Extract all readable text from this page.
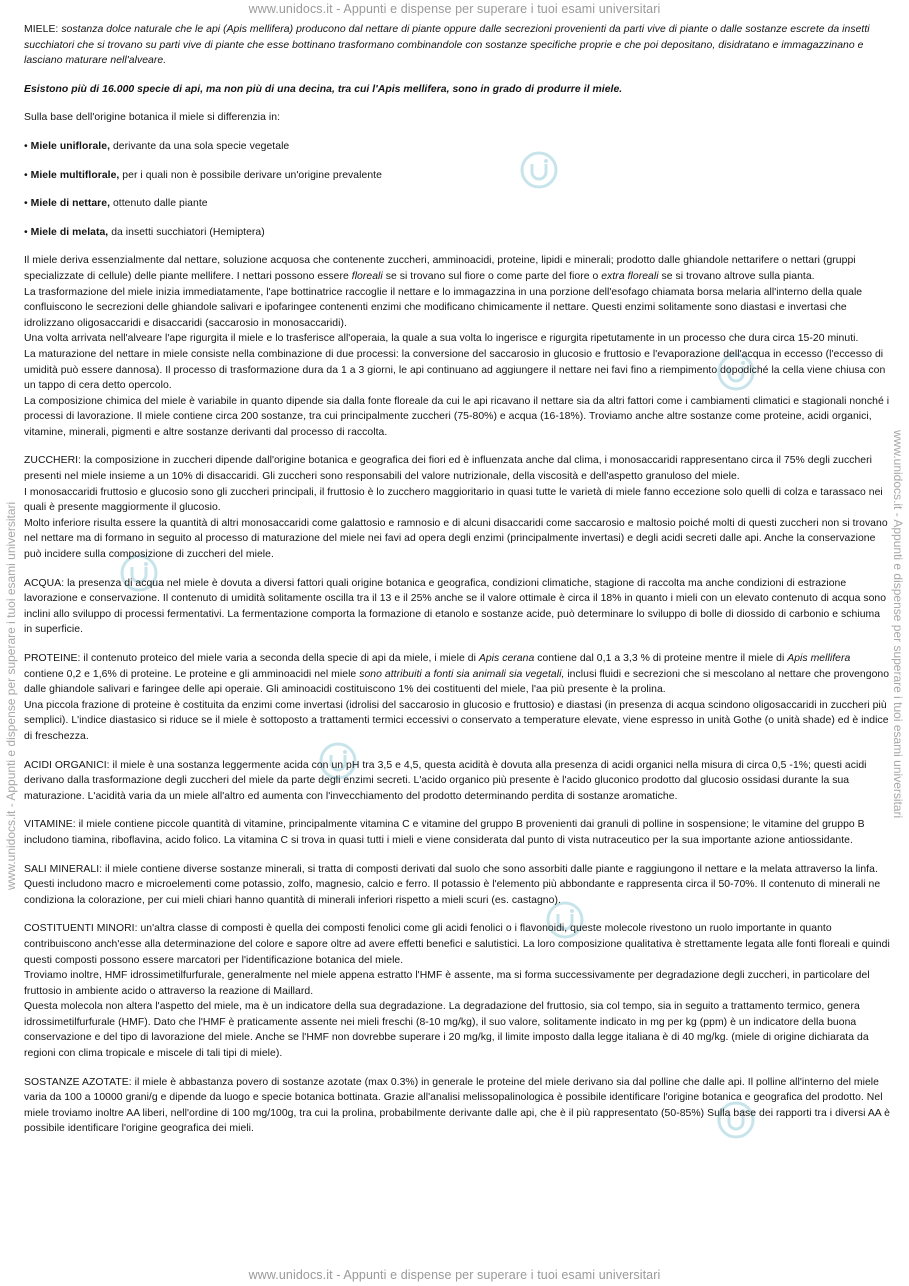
www.unidocs.it - Appunti e dispense per superare i tuoi esami universitari
www.unidocs.it - Appunti e dispense per superare i tuoi esami universitari
www.unidocs.it - Appunti e dispense per superare i tuoi esami universitari	www.unidocs.it - Appunti e dispense per superare i tuoi esami universitari

MIELE: sostanza dolce naturale che le api (Apis mellifera) producono dal nettare di piante oppure dalle secrezioni provenienti da parti vive di piante o dalle sostanze escrete da insetti succhiatori che si trovano su parti vive di piante che esse bottinano trasformano combinandole con sostanze specifiche proprie e che poi depositano, disidratano e immagazzinano e lasciano maturare nell'alveare.

Esistono più di 16.000 specie di api, ma non più di una decina, tra cui l'Apis mellifera, sono in grado di produrre il miele.

Sulla base dell'origine botanica il miele si differenzia in:

• Miele uniflorale, derivante da una sola specie vegetale

• Miele multiflorale, per i quali non è possibile derivare un'origine prevalente

• Miele di nettare, ottenuto dalle piante

• Miele di melata, da insetti succhiatori (Hemiptera)

Il miele deriva essenzialmente dal nettare, soluzione acquosa che contenente zuccheri, amminoacidi, proteine, lipidi e minerali; prodotto dalle ghiandole nettarifere o nettari (gruppi specializzate di cellule) delle piante mellifere. I nettari possono essere floreali se si trovano sul fiore o come parte del fiore o extra floreali se si trovano altrove sulla pianta.

La trasformazione del miele inizia immediatamente, l'ape bottinatrice raccoglie il nettare e lo immagazzina in una porzione dell'esofago chiamata borsa melaria all'interno della quale confluiscono le secrezioni delle ghiandole salivari e ipofaringee contenenti enzimi che modificano chimicamente il nettare. Questi enzimi solitamente sono diastasi e invertasi che idrolizzano oligosaccaridi e disaccaridi (saccarosio in monosaccaridi).

Una volta arrivata nell'alveare l'ape rigurgita il miele e lo trasferisce all'operaia, la quale a sua volta lo ingerisce e rigurgita ripetutamente in un processo che dura circa 15-20 minuti.

La maturazione del nettare in miele consiste nella combinazione di due processi: la conversione del saccarosio in glucosio e fruttosio e l'evaporazione dell'acqua in eccesso (l'eccesso di umidità può essere dannosa). Il processo di trasformazione dura da 1 a 3 giorni, le api continuano ad aggiungere il nettare nei favi fino a riempimento dopodiché la cella viene chiusa con un tappo di cera detto opercolo.

La composizione chimica del miele è variabile in quanto dipende sia dalla fonte floreale da cui le api ricavano il nettare sia da altri fattori come i cambiamenti climatici e stagionali nonché i processi di lavorazione. Il miele contiene circa 200 sostanze, tra cui principalmente zuccheri (75-80%) e acqua (16-18%). Troviamo anche altre sostanze come proteine, acidi organici, vitamine, minerali, pigmenti e altre sostanze derivanti dal processo di raccolta.

ZUCCHERI: la composizione in zuccheri dipende dall'origine botanica e geografica dei fiori ed è influenzata anche dal clima, i monosaccaridi rappresentano circa il 75% degli zuccheri presenti nel miele insieme a un 10% di disaccaridi. Gli zuccheri sono responsabili del valore nutrizionale, della viscosità e dell'aspetto granuloso del miele.

I monosaccaridi fruttosio e glucosio sono gli zuccheri principali, il fruttosio è lo zucchero maggioritario in quasi tutte le varietà di miele fanno eccezione solo quelli di colza e tarassaco nei quali è presente maggiormente il glucosio.

Molto inferiore risulta essere la quantità di altri monosaccaridi come galattosio e ramnosio e di alcuni disaccaridi come saccarosio e maltosio poiché molti di questi zuccheri non si trovano nel nettare ma di formano in seguito al processo di maturazione del miele nei favi ad opera degli enzimi (principalmente invertasi) e degli acidi secreti dalle api. Anche la conservazione può incidere sulla composizione di zuccheri del miele.

ACQUA: la presenza di acqua nel miele è dovuta a diversi fattori quali origine botanica e geografica, condizioni climatiche, stagione di raccolta ma anche condizioni di estrazione lavorazione e conservazione. Il contenuto di umidità solitamente oscilla tra il 13 e il 25% anche se il valore ottimale è circa il 18% in quanto i mieli con un elevato contenuto di acqua sono inclini allo sviluppo di processi fermentativi. La fermentazione comporta la formazione di etanolo e sostanze acide, può determinare lo sviluppo di bolle di diossido di carbonio e schiuma in superficie.

PROTEINE: il contenuto proteico del miele varia a seconda della specie di api da miele, i miele di Apis cerana contiene dal 0,1 a 3,3 % di proteine mentre il miele di Apis mellifera contiene 0,2 e 1,6% di proteine. Le proteine e gli amminoacidi nel miele sono attribuiti a fonti sia animali sia vegetali, inclusi fluidi e secrezioni che si mescolano al nettare che provengono dalle ghiandole salivari e faringee delle api operaie. Gli aminoacidi costituiscono 1% dei costituenti del miele, l'aa più presente è la prolina.

Una piccola frazione di proteine è costituita da enzimi come invertasi (idrolisi del saccarosio in glucosio e fruttosio) e diastasi (in presenza di acqua scindono oligosaccaridi in zuccheri più semplici). L'indice diastasico si riduce se il miele è sottoposto a trattamenti termici eccessivi o conservato a temperature elevate, viene espresso in unità Gothe (o unità shade) ed è indice di freschezza.

ACIDI ORGANICI: il miele è una sostanza leggermente acida con un pH tra 3,5 e 4,5, questa acidità è dovuta alla presenza di acidi organici nella misura di circa 0,5 -1%; questi acidi derivano dalla trasformazione degli zuccheri del miele da parte degli enzimi secreti. L'acido organico più presente è l'acido gluconico prodotto dal glucosio ossidasi durante la sua maturazione. L'acidità varia da un miele all'altro ed aumenta con l'invecchiamento del prodotto determinando perdita di sostanze aromatiche.

VITAMINE: il miele contiene piccole quantità di vitamine, principalmente vitamina C e vitamine del gruppo B provenienti dai granuli di polline in sospensione; le vitamine del gruppo B includono tiamina, riboflavina, acido folico. La vitamina C si trova in quasi tutti i mieli e viene considerata dal punto di vista nutraceutico per la sua importante azione antiossidante.

SALI MINERALI: il miele contiene diverse sostanze minerali, si tratta di composti derivati dal suolo che sono assorbiti dalle piante e raggiungono il nettare e la melata attraverso la linfa. Questi includono macro e microelementi come potassio, zolfo, magnesio, calcio e ferro. Il potassio è l'elemento più abbondante e rappresenta circa il 50-70%. Il contenuto di minerali ne condiziona la colorazione, per cui mieli chiari hanno quantità di minerali inferiori rispetto a mieli scuri (es. castagno).

COSTITUENTI MINORI: un'altra classe di composti è quella dei composti fenolici come gli acidi fenolici o i flavonoidi, queste molecole rivestono un ruolo importante in quanto contribuiscono anch'esse alla determinazione del colore e sapore oltre ad avere effetti benefici e salutistici. La loro composizione qualitativa è strettamente legata alle fonti floreali e quindi questi composti possono essere marcatori per l'identificazione botanica del miele.

Troviamo inoltre, HMF idrossimetilfurfurale, generalmente nel miele appena estratto l'HMF è assente, ma si forma successivamente per degradazione degli zuccheri, in particolare del fruttosio in ambiente acido o attraverso la reazione di Maillard.

Questa molecola non altera l'aspetto del miele, ma è un indicatore della sua degradazione. La degradazione del fruttosio, sia col tempo, sia in seguito a trattamento termico, genera idrossimetilfurfurale (HMF). Dato che l'HMF è praticamente assente nei mieli freschi (8-10 mg/kg), il suo valore, solitamente indicato in mg per kg (ppm) è un indicatore della buona conservazione e del tipo di lavorazione del miele. Anche se l'HMF non dovrebbe superare i 20 mg/kg, il limite imposto dalla legge italiana è di 40 mg/kg. (miele di origine dichiarata da regioni con clima tropicale e miscele di tali tipi di miele).

SOSTANZE AZOTATE: il miele è abbastanza povero di sostanze azotate (max 0.3%) in generale le proteine del miele derivano sia dal polline che dalle api. Il polline all'interno del miele varia da 100 a 10000 grani/g e dipende da luogo e specie botanica bottinata. Grazie all'analisi melissopalinologica è possibile identificare l'origine botanica e geografica del prodotto. Nel miele troviamo inoltre AA liberi, nell'ordine di 100 mg/100g, tra cui la prolina, probabilmente derivante dalle api, che è il più rappresentato (50-85%) Sulla base dei rapporti tra i diversi AA è possibile identificare l'origine geografica dei mieli.
